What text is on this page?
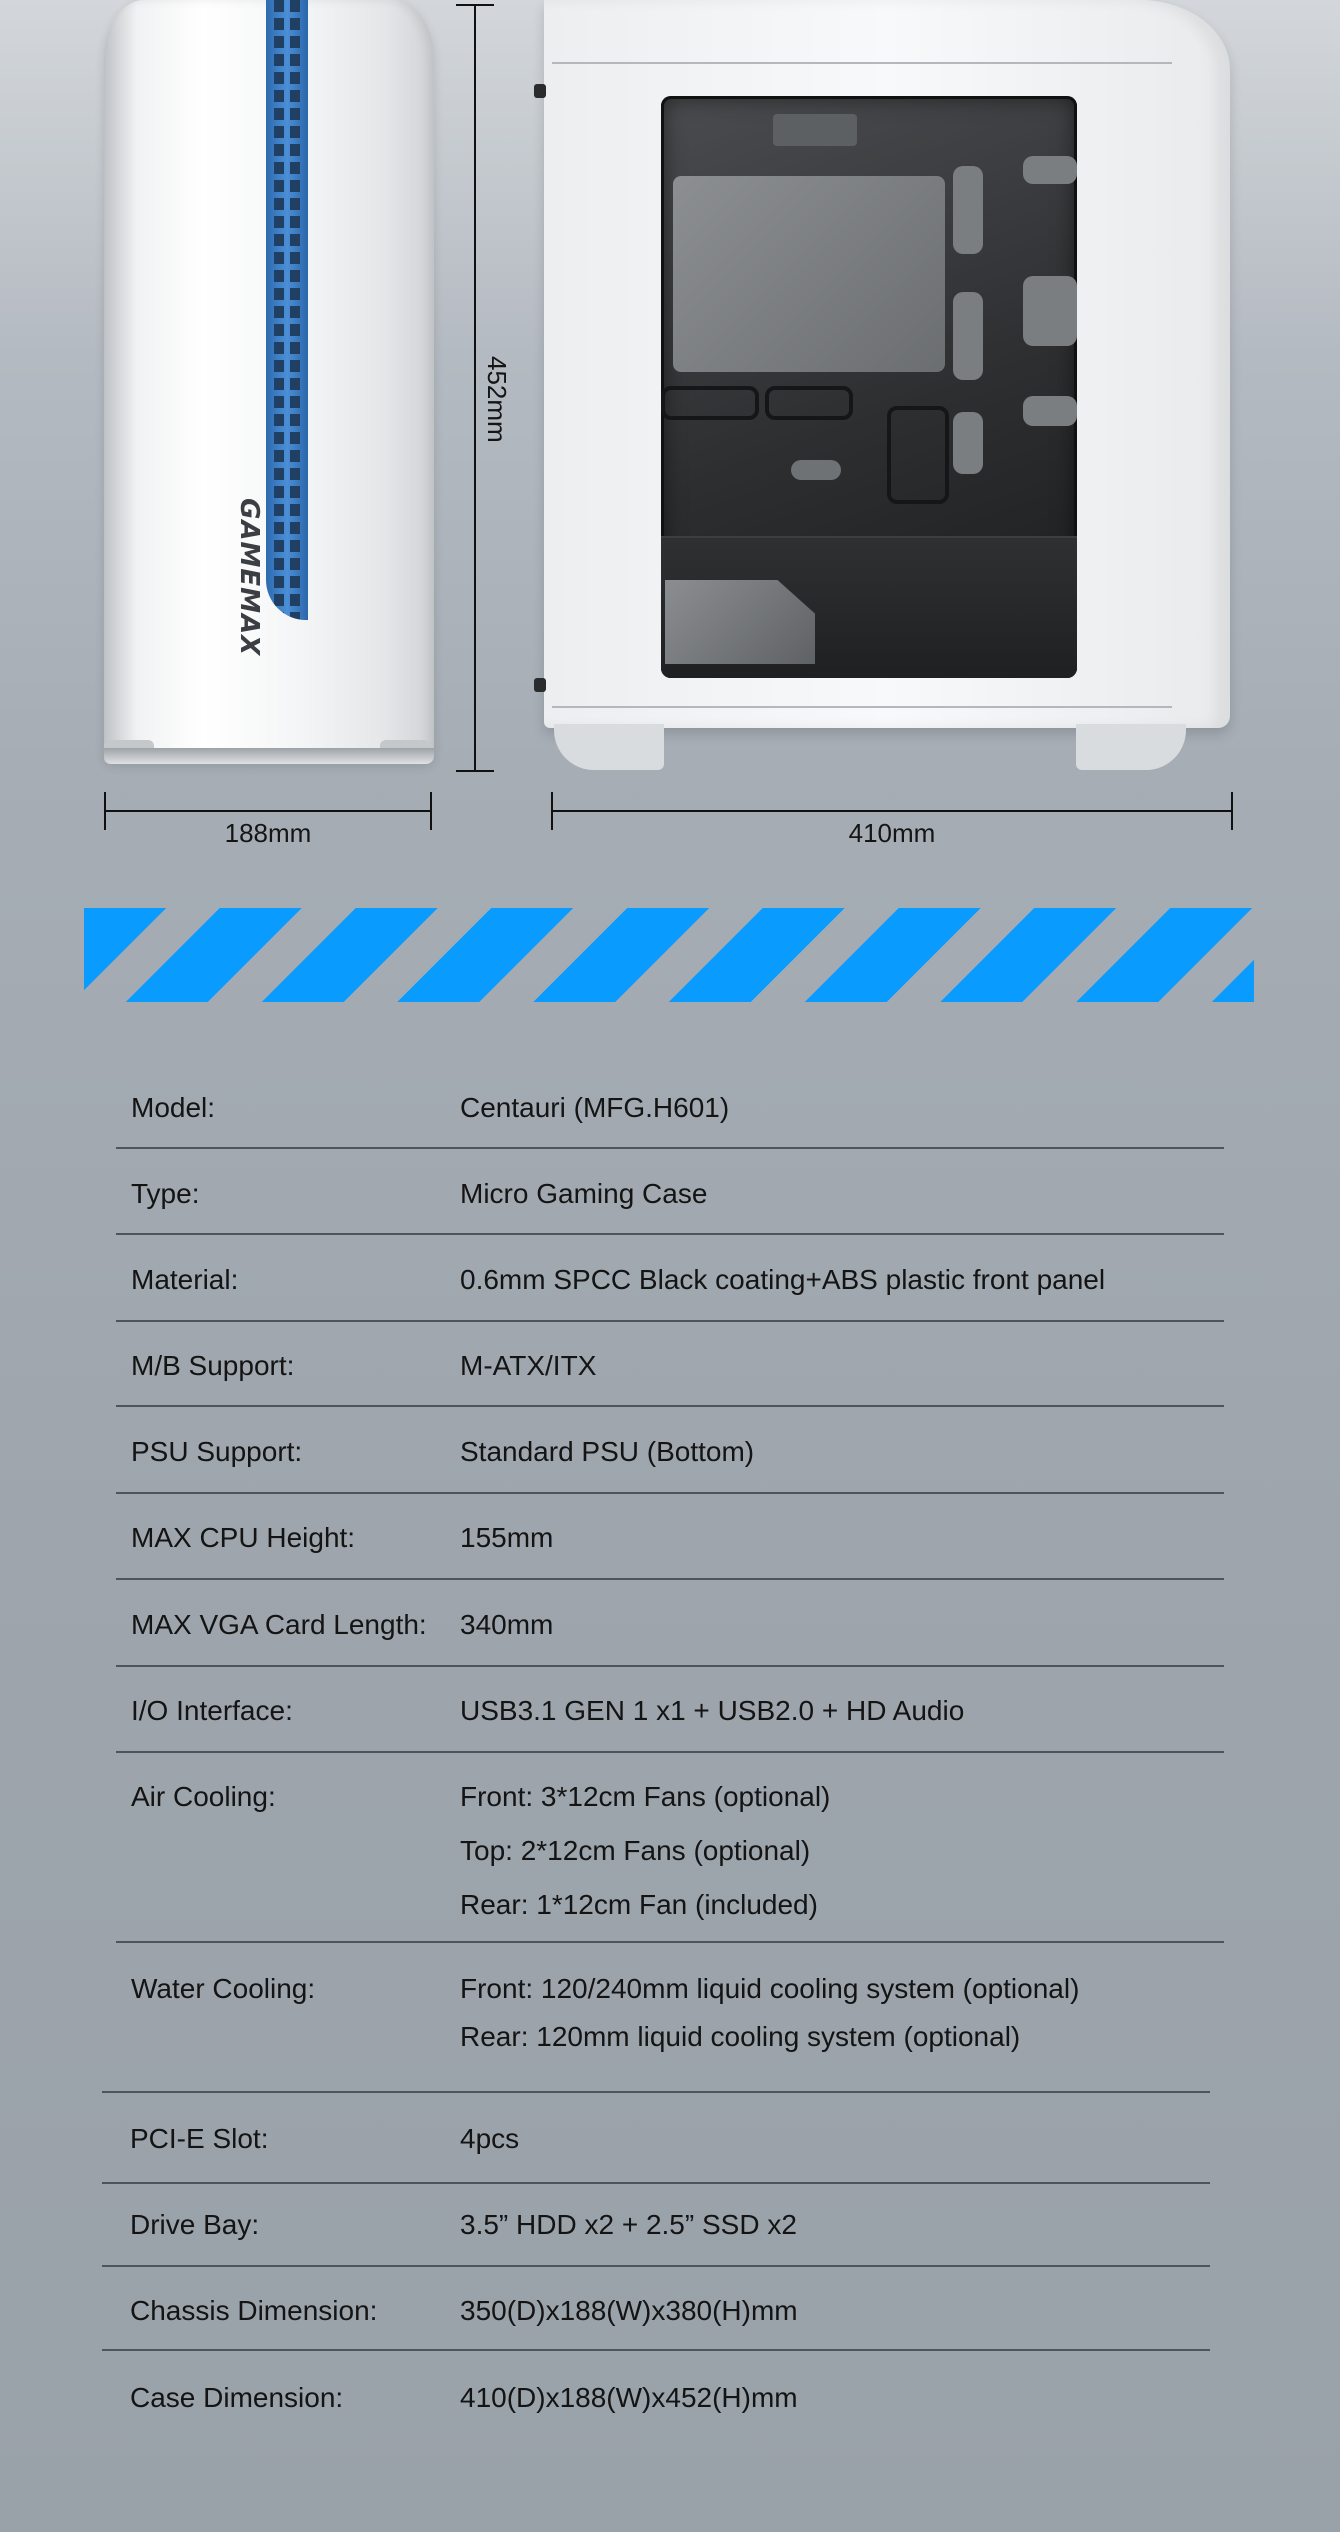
GAMEMAX
452mm
188mm	410mm
Model:	Centauri (MFG.H601)
Type:	Micro Gaming Case
Material:	0.6mm SPCC Black coating+ABS plastic front panel
M/B Support:	M-ATX/ITX
PSU Support:	Standard PSU (Bottom)
MAX CPU Height:	155mm
MAX VGA Card Length: 340mm
I/O Interface:	USB3.1 GEN 1 x1 + USB2.0 + HD Audio
Air Cooling:	Front: 3*12cm Fans (optional)
Top: 2*12cm Fans (optional)
Rear: 1*12cm Fan (included)
Water Cooling:	Front: 120/240mm liquid cooling system (optional)
Rear: 120mm liquid cooling system (optional)
PCI-E Slot:	4pcs
Drive Bay:	3.5” HDD x2 + 2.5” SSD x2
Chassis Dimension:	350(D)x188(W)x380(H)mm
Case Dimension:	410(D)x188(W)x452(H)mm
